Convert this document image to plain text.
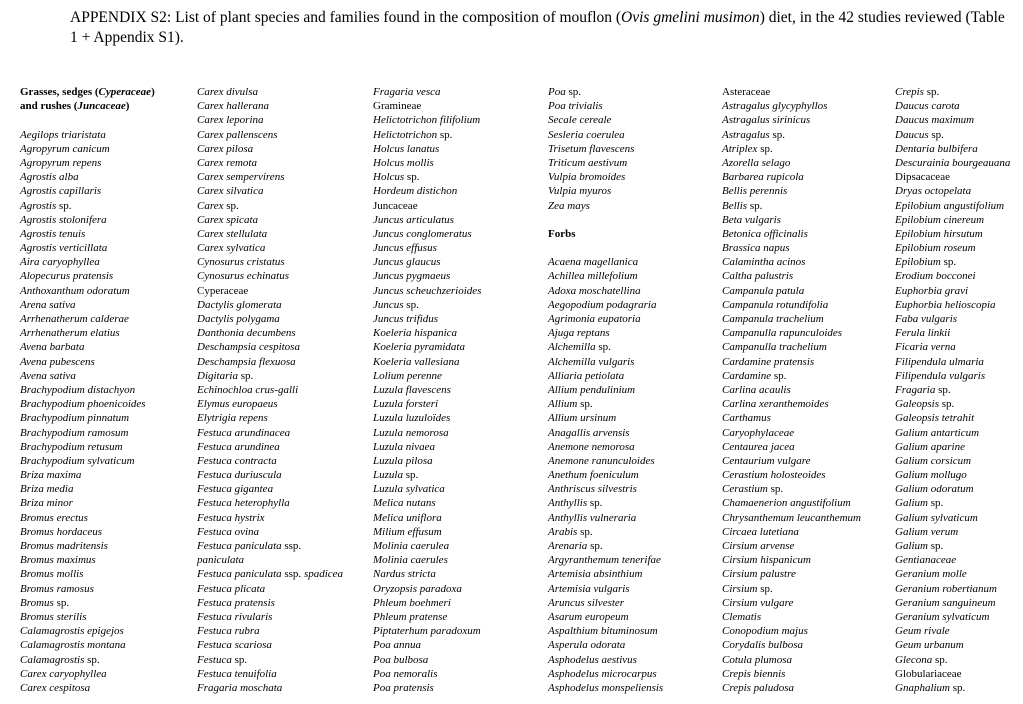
APPENDIX S2: List of plant species and families found in the composition of mouflon (Ovis gmelini musimon) diet, in the 42 studies reviewed (Table 1 + Appendix S1).
Grasses, sedges (Cyperaceae)
and rushes (Juncaceae)
Aegilops triaristata
Agropyrum canicum
Agropyrum repens
Agrostis alba
Agrostis capillaris
Agrostis sp.
Agrostis stolonifera
Agrostis tenuis
Agrostis verticillata
Aira caryophyllea
Alopecurus pratensis
Anthoxanthum odoratum
Arena sativa
Arrhenatherum calderae
Arrhenatherum elatius
Avena barbata
Avena pubescens
Avena sativa
Brachypodium distachyon
Brachypodium phoenicoides
Brachypodium pinnatum
Brachypodium ramosum
Brachypodium retusum
Brachypodium sylvaticum
Briza maxima
Briza media
Briza minor
Bromus erectus
Bromus hordaceus
Bromus madritensis
Bromus maximus
Bromus mollis
Bromus ramosus
Bromus sp.
Bromus sterilis
Calamagrostis epigejos
Calamagrostis montana
Calamagrostis sp.
Carex caryophyllea
Carex cespitosa
Carex divulsa
Carex hallerana
Carex leporina
Carex pallenscens
Carex pilosa
Carex remota
Carex sempervirens
Carex silvatica
Carex sp.
Carex spicata
Carex stellulata
Carex sylvatica
Cynosurus cristatus
Cynosurus echinatus
Cyperaceae
Dactylis glomerata
Dactylis polygama
Danthonia decumbens
Deschampsia cespitosa
Deschampsia flexuosa
Digitaria sp.
Echinochloa crus-galli
Elymus europaeus
Elytrigia repens
Festuca arundinacea
Festuca arundinea
Festuca contracta
Festuca duriuscula
Festuca gigantea
Festuca heterophylla
Festuca hystrix
Festuca ovina
Festuca paniculata ssp.
paniculata
Festuca paniculata ssp. spadicea
Festuca plicata
Festuca pratensis
Festuca rivularis
Festuca rubra
Festuca scariosa
Festuca sp.
Festuca tenuifolia
Fragaria moschata
Fragaria vesca
Gramineae
Helictotrichon filifolium
Helictotrichon sp.
Holcus lanatus
Holcus mollis
Holcus sp.
Hordeum distichon
Juncaceae
Juncus articulatus
Juncus conglomeratus
Juncus effusus
Juncus glaucus
Juncus pygmaeus
Juncus scheuchzerioides
Juncus sp.
Juncus trifidus
Koeleria hispanica
Koeleria pyramidata
Koeleria vallesiana
Lolium perenne
Luzula flavescens
Luzula forsteri
Luzula luzuloïdes
Luzula nemorosa
Luzula nivaea
Luzula pilosa
Luzula sp.
Luzula sylvatica
Melica nutans
Melica uniflora
Milium effusum
Molinia caerulea
Molinia caerules
Nardus stricta
Oryzopsis paradoxa
Phleum boehmeri
Phleum pratense
Piptaterhum paradoxum
Poa annua
Poa bulbosa
Poa nemoralis
Poa pratensis
Poa sp.
Poa trivialis
Secale cereale
Sesleria coerulea
Trisetum flavescens
Triticum aestivum
Vulpia bromoides
Vulpia myuros
Zea mays
Forbs
Acaena magellanica
Achillea millefolium
Adoxa moschatellina
Aegopodium podagraria
Agrimonia eupatoria
Ajuga reptans
Alchemilla sp.
Alchemilla vulgaris
Alliaria petiolata
Allium pendulinium
Allium sp.
Allium ursinum
Anagallis arvensis
Anemone nemorosa
Anemone ranunculoides
Anethum foeniculum
Anthriscus silvestris
Anthyllis sp.
Anthyllis vulneraria
Arabis sp.
Arenaria sp.
Argyranthemum tenerifae
Artemisia absinthium
Artemisia vulgaris
Aruncus silvester
Asarum europeum
Aspalthium bituminosum
Asperula odorata
Asphodelus aestivus
Asphodelus microcarpus
Asphodelus monspeliensis
Asteraceae
Astragalus glycyphyllos
Astragalus sirinicus
Astragalus sp.
Atriplex sp.
Azorella selago
Barbarea rupicola
Bellis perennis
Bellis sp.
Beta vulgaris
Betonica officinalis
Brassica napus
Calamintha acinos
Caltha palustris
Campanula patula
Campanula rotundifolia
Campanula trachelium
Campanulla rapunculoides
Campanulla trachelium
Cardamine pratensis
Cardamine sp.
Carlina acaulis
Carlina xeranthemoides
Carthamus
Caryophylaceae
Centaurea jacea
Centaurium vulgare
Cerastium holosteoides
Cerastium sp.
Chamaenerion angustifolium
Chrysanthemum leucanthemum
Circaea lutetiana
Cirsium arvense
Cirsium hispanicum
Cirsium palustre
Cirsium sp.
Cirsium vulgare
Clematis
Conopodium majus
Corydalis bulbosa
Cotula plumosa
Crepis biennis
Crepis paludosa
Crepis sp.
Daucus carota
Daucus maximum
Daucus sp.
Dentaria bulbifera
Descurainia bourgeauana
Dipsacaceae
Dryas octopelata
Epilobium angustifolium
Epilobium cinereum
Epilobium hirsutum
Epilobium roseum
Epilobium sp.
Erodium bocconei
Euphorbia gravi
Euphorbia helioscopia
Faba vulgaris
Ferula linkii
Ficaria verna
Filipendula ulmaria
Filipendula vulgaris
Fragaria sp.
Galeopsis sp.
Galeopsis tetrahit
Galium antarticum
Galium aparine
Galium corsicum
Galium mollugo
Galium odoratum
Galium sp.
Galium sylvaticum
Galium verum
Galium sp.
Gentianaceae
Geranium molle
Geranium robertianum
Geranium sanguineum
Geranium sylvaticum
Geum rivale
Geum urbanum
Glecona sp.
Globulariaceae
Gnaphalium sp.
